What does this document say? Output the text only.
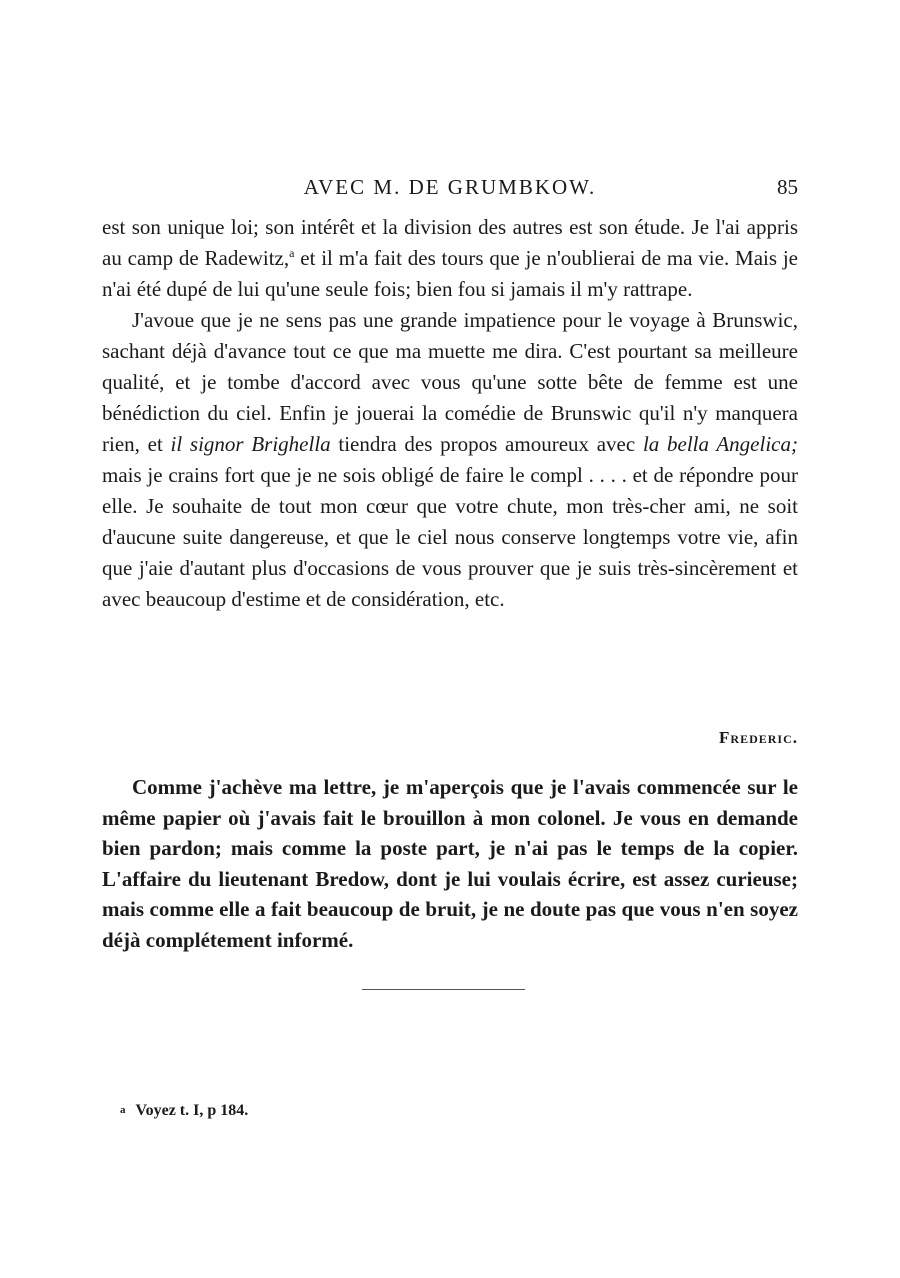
AVEC M. DE GRUMBKOW.	85

est son unique loi; son intérêt et la division des autres est son étude. Je l'ai appris au camp de Radewitz,$^a$ et il m'a fait des tours que je n'oublierai de ma vie. Mais je n'ai été dupé de lui qu'une seule fois; bien fou si jamais il m'y rattrape.

J'avoue que je ne sens pas une grande impatience pour le voyage à Brunswic, sachant déjà d'avance tout ce que ma muette me dira. C'est pourtant sa meilleure qualité, et je tombe d'accord avec vous qu'une sotte bête de femme est une bénédiction du ciel. Enfin je jouerai la comédie de Brunswic qu'il n'y manquera rien, et il signor Brighella tiendra des propos amoureux avec la bella Angelica; mais je crains fort que je ne sois obligé de faire le compl . . . . et de répondre pour elle. Je souhaite de tout mon cœur que votre chute, mon très-cher ami, ne soit d'aucune suite dangereuse, et que le ciel nous conserve longtemps votre vie, afin que j'aie d'autant plus d'occasions de vous prouver que je suis très-sincèrement et avec beaucoup d'estime et de considération, etc.

Frederic.

Comme j'achève ma lettre, je m'aperçois que je l'avais commencée sur le même papier où j'avais fait le brouillon à mon colonel. Je vous en demande bien pardon; mais comme la poste part, je n'ai pas le temps de la copier. L'affaire du lieutenant Bredow, dont je lui voulais écrire, est assez curieuse; mais comme elle a fait beaucoup de bruit, je ne doute pas que vous n'en soyez déjà complétement informé.

a Voyez t. I, p 184.
